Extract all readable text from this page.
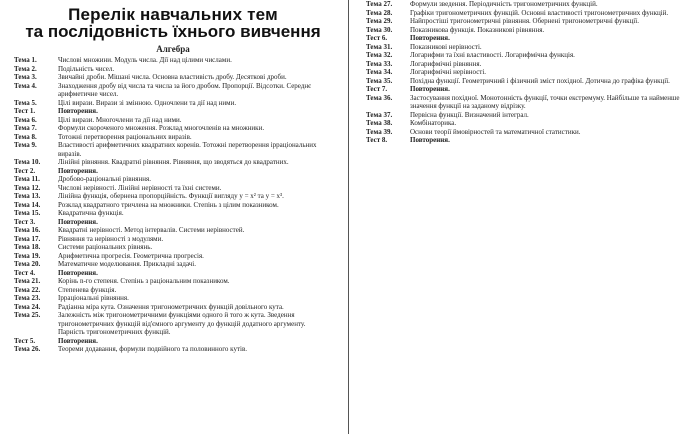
Перелік навчальних тем
та послідовність їхнього вивчення
Алгебра
Тема 1.	Числові множини. Модуль числа. Дії над цілими числами.
Тема 2.	Подільність чисел.
Тема 3.	Звичайні дроби. Мішані числа. Основна властивість дробу. Десяткові дроби.
Тема 4.	Знаходження дробу від числа та числа за його дробом. Пропорції. Відсотки. Середнє арифметичне чисел.
Тема 5.	Цілі вирази. Вирази зі змінною. Одночлени та дії над ними.
Тест 1.	Повторення.
Тема 6.	Цілі вирази. Многочлени та дії над ними.
Тема 7.	Формули скороченого множення. Розклад многочленів на множники.
Тема 8.	Тотожні перетворення раціональних виразів.
Тема 9.	Властивості арифметичних квадратних коренів. Тотожні перетворення ірраціональних виразів.
Тема 10.	Лінійні рівняння. Квадратні рівняння. Рівняння, що зводяться до квадратних.
Тест 2.	Повторення.
Тема 11.	Дробово-раціональні рівняння.
Тема 12.	Числові нерівності. Лінійні нерівності та їхні системи.
Тема 13.	Лінійна функція, обернена пропорційність. Функції вигляду y = x² та y = x³.
Тема 14.	Розклад квадратного тричлена на множники. Степінь з цілим показником.
Тема 15.	Квадратична функція.
Тест 3.	Повторення.
Тема 16.	Квадратні нерівності. Метод інтервалів. Системи нерівностей.
Тема 17.	Рівняння та нерівності з модулями.
Тема 18.	Системи раціональних рівнянь.
Тема 19.	Арифметична прогресія. Геометрична прогресія.
Тема 20.	Математичне моделювання. Прикладні задачі.
Тест 4.	Повторення.
Тема 21.	Корінь n-го степеня. Степінь з раціональним показником.
Тема 22.	Степенева функція.
Тема 23.	Ірраціональні рівняння.
Тема 24.	Радіанна міра кута. Означення тригонометричних функцій довільного кута.
Тема 25.	Залежність між тригонометричними функціями одного й того ж кута. Зведення тригонометричних функцій від'ємного аргументу до функцій додатного аргументу. Парність тригонометричних функцій.
Тест 5.	Повторення.
Тема 26.	Теореми додавання, формули подвійного та половинного кутів.
Тема 27.	Формули зведення. Періодичність тригонометричних функцій.
Тема 28.	Графіки тригонометричних функцій. Основні властивості тригонометричних функцій.
Тема 29.	Найпростіші тригонометричні рівняння. Обернені тригонометричні функції.
Тема 30.	Показникова функція. Показникові рівняння.
Тест 6.	Повторення.
Тема 31.	Показникові нерівності.
Тема 32.	Логарифми та їхні властивості. Логарифмічна функція.
Тема 33.	Логарифмічні рівняння.
Тема 34.	Логарифмічні нерівності.
Тема 35.	Похідна функції. Геометричний і фізичний зміст похідної. Дотична до графіка функції.
Тест 7.	Повторення.
Тема 36.	Застосування похідної. Монотонність функції, точки екстремуму. Найбільше та найменше значення функції на заданому відрізку.
Тема 37.	Первісна функції. Визначений інтеграл.
Тема 38.	Комбінаторика.
Тема 39.	Основи теорії ймовірностей та математичної статистики.
Тест 8.	Повторення.
